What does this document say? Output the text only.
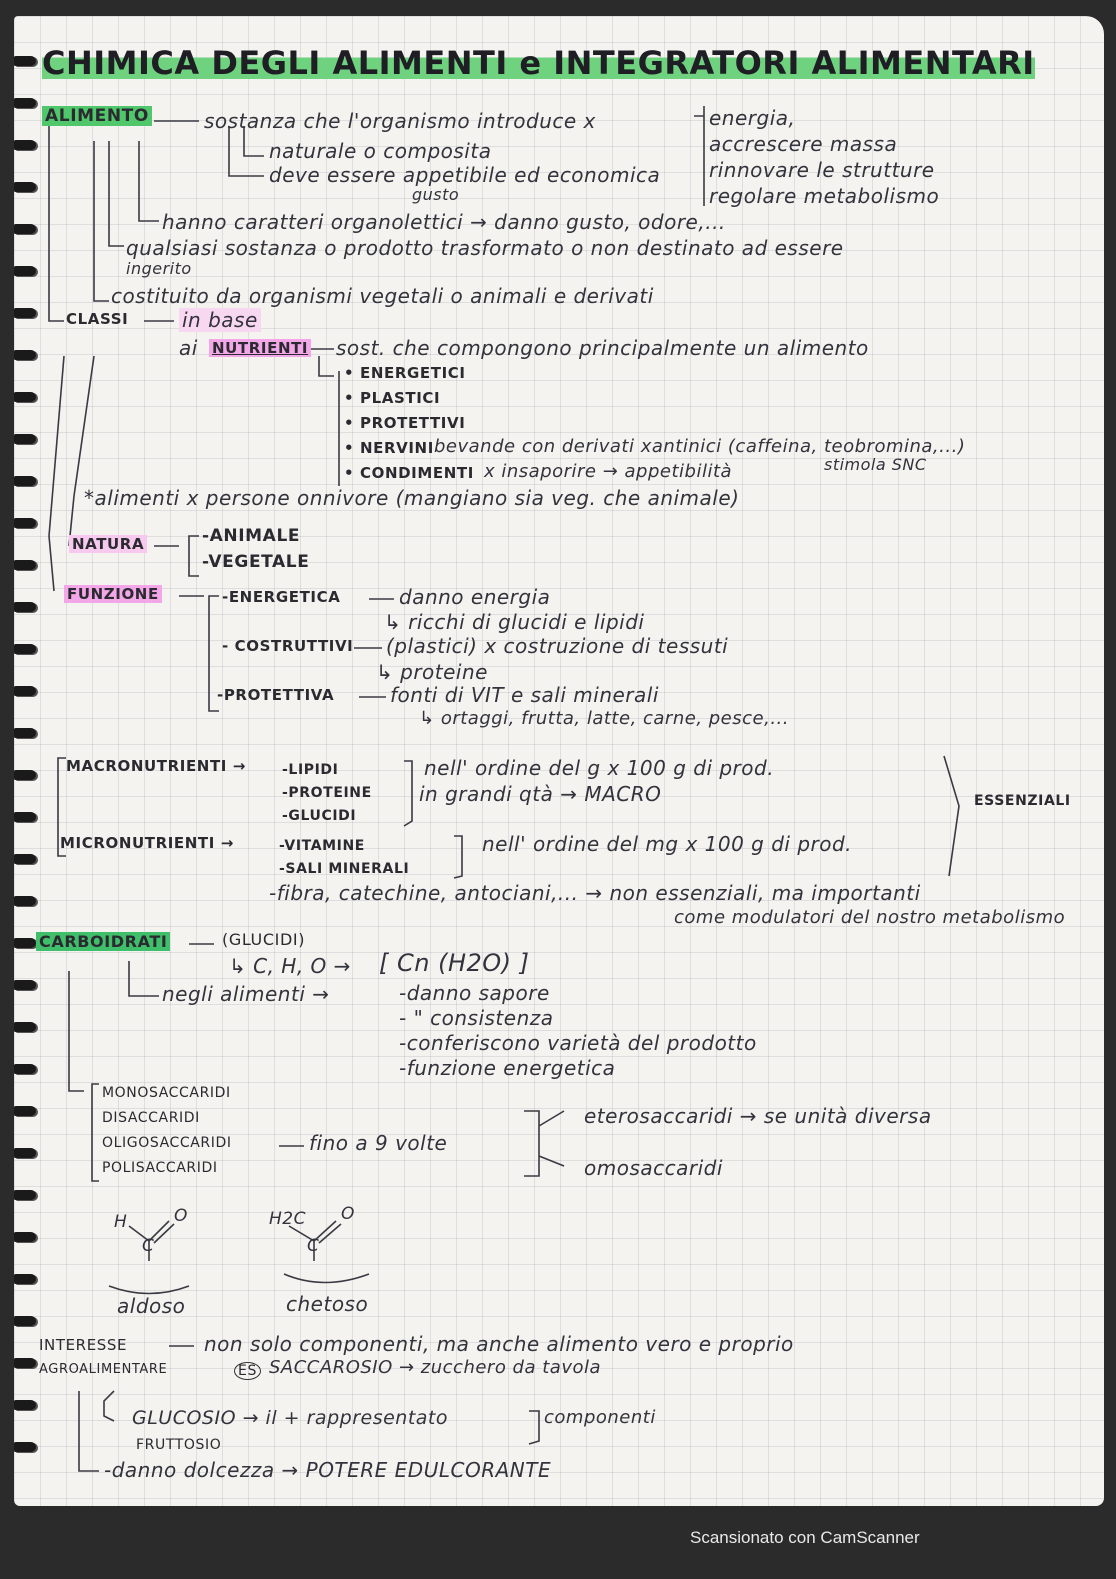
CHIMICA DEGLI ALIMENTI e INTEGRATORI ALIMENTARI
ALIMENTO	sostanza che l'organismo introduce x	energia,
accrescere massa
rinnovare le strutture
regolare metabolismo
naturale o composita
deve essere appetibile ed economica
gusto
hanno caratteri organolettici → danno gusto, odore,...
qualsiasi sostanza o prodotto trasformato o non destinato ad essere
ingerito
costituito da organismi vegetali o animali e derivati
CLASSI	in base
ai NUTRIENTI sost. che compongono principalmente un alimento
• ENERGETICI
• PLASTICI
• PROTETTIVI
• NERVINI bevande con derivati xantinici (caffeina, teobromina,...)
stimola SNC
• CONDIMENTI x insaporire → appetibilità
*alimenti x persone onnivore (mangiano sia veg. che animale)
NATURA	-ANIMALE
-VEGETALE
FUNZIONE	-ENERGETICA	danno energia
↳ ricchi di glucidi e lipidi
- COSTRUTTIVI (plastici) x costruzione di tessuti
↳ proteine
-PROTETTIVA	fonti di VIT e sali minerali
↳ ortaggi, frutta, latte, carne, pesce,...
MACRONUTRIENTI →	-LIPIDI
-PROTEINE
-GLUCIDI
nell' ordine del g x 100 g di prod.
in grandi qtà → MACRO	ESSENZIALI
MICRONUTRIENTI →	-VITAMINE
-SALI MINERALI
nell' ordine del mg x 100 g di prod.
-fibra, catechine, antociani,... → non essenziali, ma importanti
come modulatori del nostro metabolismo
CARBOIDRATI	(GLUCIDI)
↳ C, H, O → [ Cn (H2O) ]
negli alimenti →	-danno sapore
- " consistenza
-conferiscono varietà del prodotto
-funzione energetica
MONOSACCARIDI
DISACCARIDI
OLIGOSACCARIDI	fino a 9 volte
POLISACCARIDI
eterosaccaridi → se unità diversa
omosaccaridi
H	O
C
aldoso
H2C O
C
chetoso
INTERESSE	non solo componenti, ma anche alimento vero e proprio
AGROALIMENTARE	ES SACCAROSIO → zucchero da tavola
GLUCOSIO → il + rappresentato
FRUTTOSIO
componenti
-danno dolcezza → POTERE EDULCORANTE
Scansionato con CamScanner
